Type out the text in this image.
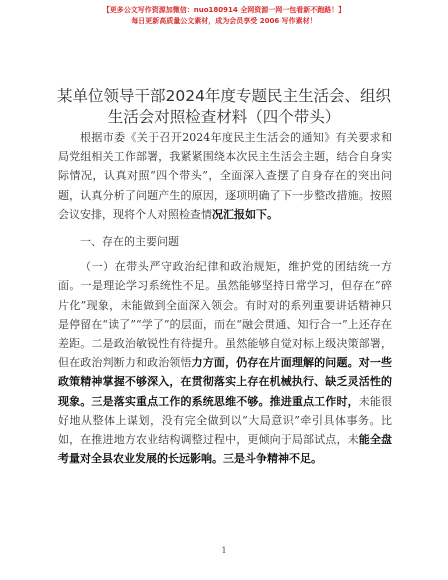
【更多公文写作资源加微信：nuo180914 全网资源一网一包看新不跑路！】
每日更新高质量公文素材，成为会员享受 2006 写作素材！
某单位领导干部2024年度专题民主生活会、组织生活会对照检查材料（四个带头）

根据市委《关于召开2024年度民主生活会的通知》有关要求和局党组相关工作部署，我紧紧围绕本次民主生活会主题，结合自身实际情况，认真对照“四个带头”，全面深入查摆了自身存在的突出问题，认真分析了问题产生的原因，逐项明确了下一步整改措施。按照会议安排，现将个人对照检查情况汇报如下。

一、存在的主要问题

（一）在带头严守政治纪律和政治规矩，维护党的团结统一方面。一是理论学习系统性不足。虽然能够坚持日常学习，但存在“碎片化”现象，未能做到全面深入领会。有时对的系列重要讲话精神只是停留在“读了”“学了”的层面，而在“融会贯通、知行合一”上还存在差距。二是政治敏锐性有待提升。虽然能够自觉对标上级决策部署，但在政治判断力和政治领悟力方面，仍存在片面理解的问题。对一些政策精神掌握不够深入，在贯彻落实上存在机械执行、缺乏灵活性的现象。三是落实重点工作的系统思维不够。推进重点工作时，未能很好地从整体上谋划，没有完全做到以“大局意识”牵引具体事务。比如，在推进地方农业结构调整过程中，更倾向于局部试点，未能全盘考量对全县农业发展的长远影响。三是斗争精神不足。

1
